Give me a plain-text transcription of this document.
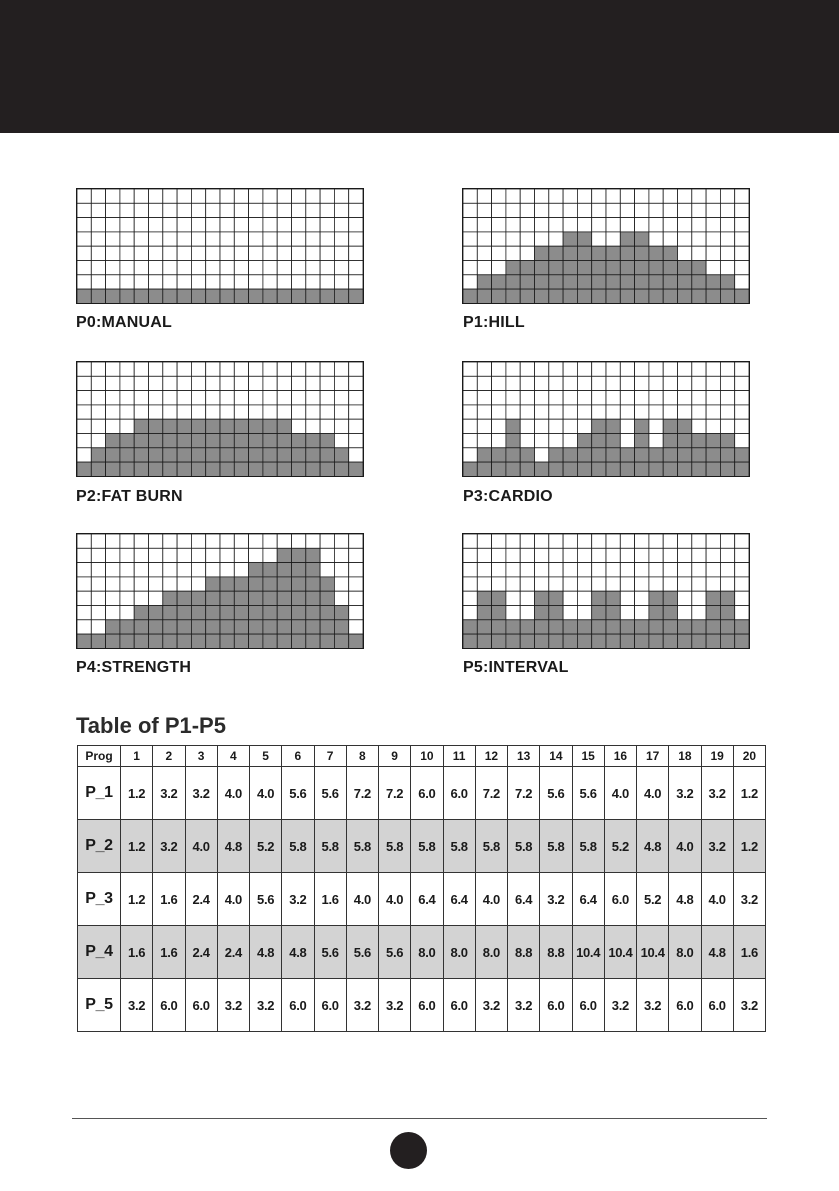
P0:MANUAL	P1:HILL
P2:FAT BURN	P3:CARDIO
P4:STRENGTH	P5:INTERVAL
Table of P1-P5
Prog	1	2	3	4	5	6	7	8	9	10	11	12	13	14	15	16	17	18	19	20
P_1	1.2	3.2	3.2	4.0	4.0	5.6	5.6	7.2	7.2	6.0	6.0	7.2	7.2	5.6	5.6	4.0	4.0	3.2	3.2	1.2
P_2	1.2	3.2	4.0	4.8	5.2	5.8	5.8	5.8	5.8	5.8	5.8	5.8	5.8	5.8	5.8	5.2	4.8	4.0	3.2	1.2
P_3	1.2	1.6	2.4	4.0	5.6	3.2	1.6	4.0	4.0	6.4	6.4	4.0	6.4	3.2	6.4	6.0	5.2	4.8	4.0	3.2
P_4	1.6	1.6	2.4	2.4	4.8	4.8	5.6	5.6	5.6	8.0	8.0	8.0	8.8	8.8	10.4	10.4	10.4	8.0	4.8	1.6
P_5	3.2	6.0	6.0	3.2	3.2	6.0	6.0	3.2	3.2	6.0	6.0	3.2	3.2	6.0	6.0	3.2	3.2	6.0	6.0	3.2
